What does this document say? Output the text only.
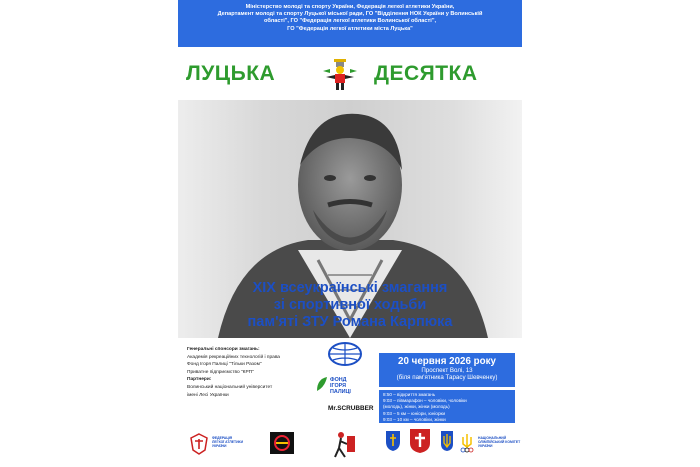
Міністерство молоді та спорту України, Федерація легкої атлетики України,
Департамент молоді та спорту Луцької міської ради, ГО "Відділення НОК України у Волинській
області", ГО "Федерація легкої атлетики Волинської області",
ГО "Федерація легкої атлетики міста Луцька"
ЛУЦЬКА	ДЕСЯТКА
XIX всеукраїнські змагання
зі спортивної ходьби
пам'яті ЗТУ Романа Карпюка
Генеральні спонсори змагань:
Академія рекреаційних технологій і права
Фонд Ігоря Палиці "Тільки Разом"
Приватне підприємство "КРП"
Партнери:
Волинський національний університет
імені Лесі Українки
ФОНД ІГОРЯ ПАЛИЦІ
Mr.SCRUBBER
20 червня 2026 року
Проспект Волі, 13
(біля пам'ятника Тарасу Шевченку)
8:50 – відкриття змагань
9:03 – півмарафон – чоловіки, чоловіки
(молодь), жінки, жінки (молодь)
9:03 – 5 км – юніори, юніорки
9:03 – 10 км – чоловіки, жінки
ФЕДЕРАЦІЯ
ЛЕГКОЇ АТЛЕТИКИ
УКРАЇНИ
НАЦІОНАЛЬНИЙ
ОЛІМПІЙСЬКИЙ КОМІТЕТ
УКРАЇНИ
